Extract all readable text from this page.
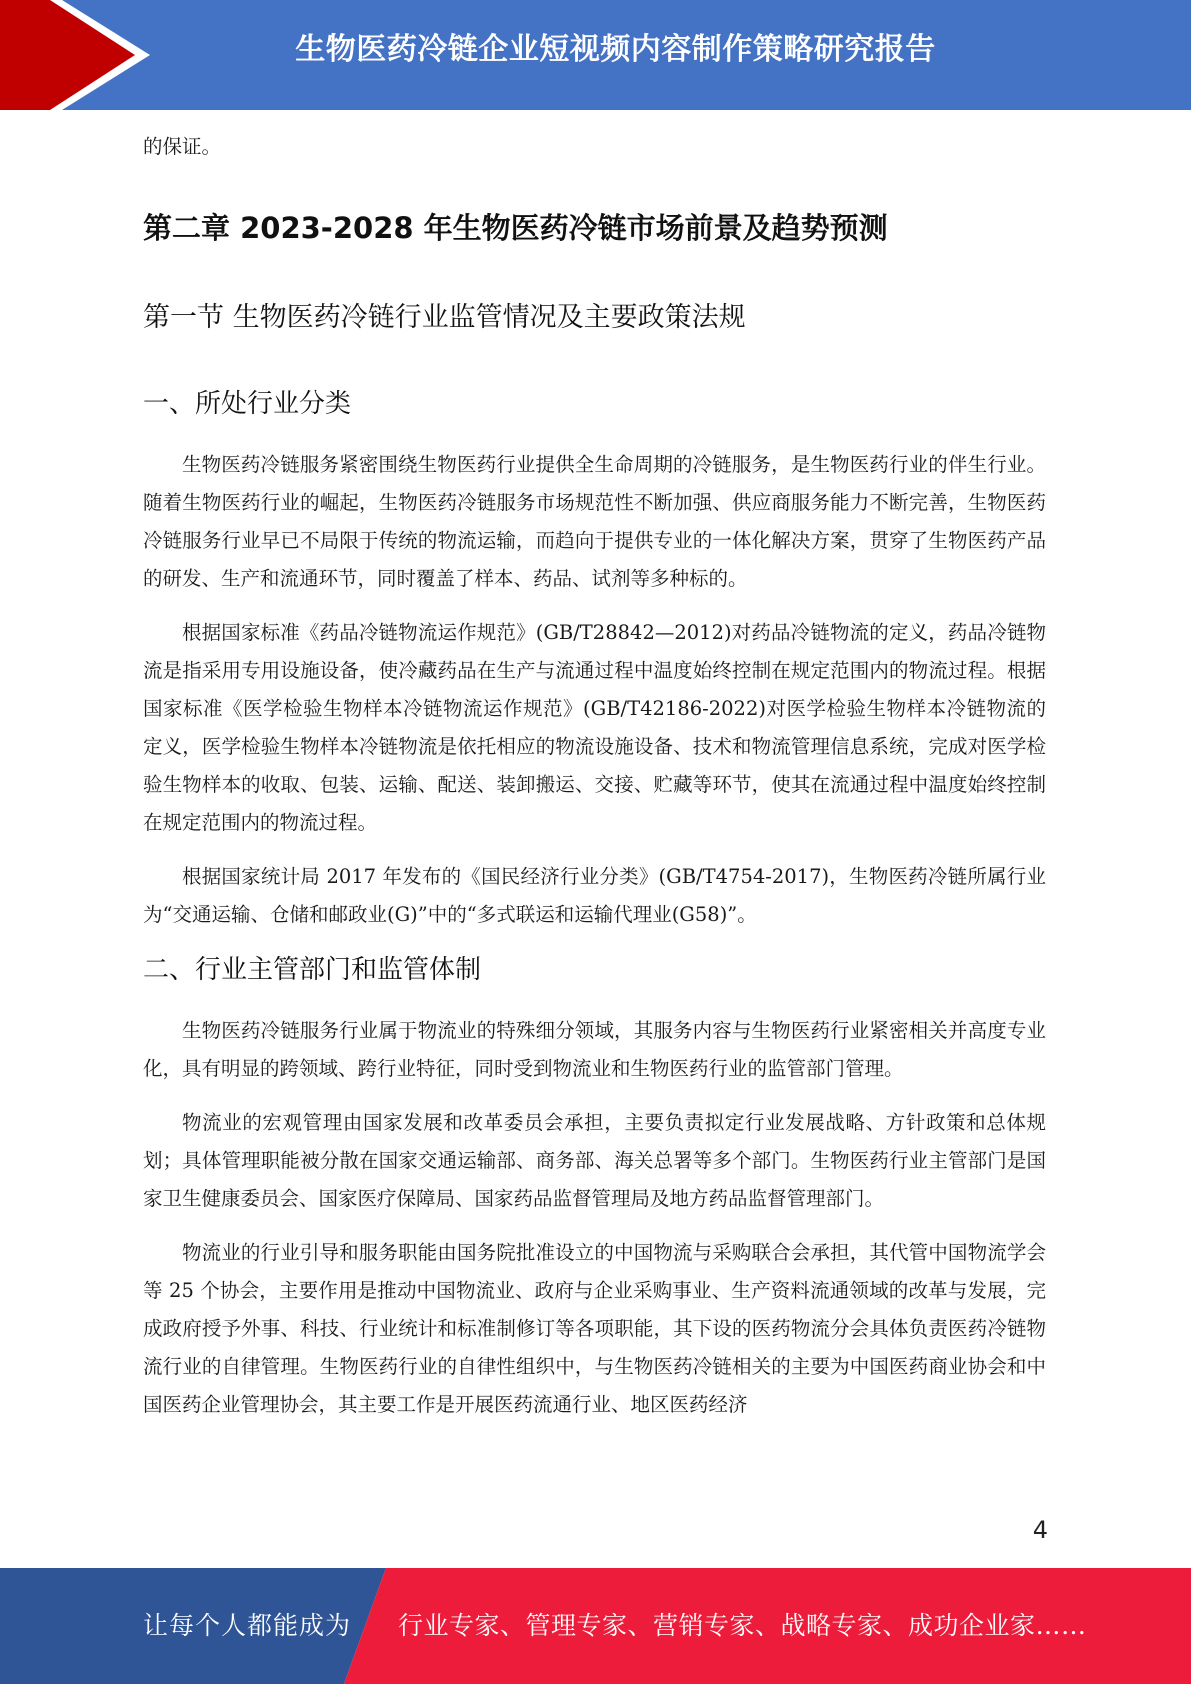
生物医药冷链企业短视频内容制作策略研究报告

的保证。

第二章 2023-2028 年生物医药冷链市场前景及趋势预测
第一节 生物医药冷链行业监管情况及主要政策法规
一、所处行业分类

生物医药冷链服务紧密围绕生物医药行业提供全生命周期的冷链服务，是生物医药行业的伴生行业。随着生物医药行业的崛起，生物医药冷链服务市场规范性不断加强、供应商服务能力不断完善，生物医药冷链服务行业早已不局限于传统的物流运输，而趋向于提供专业的一体化解决方案，贯穿了生物医药产品的研发、生产和流通环节，同时覆盖了样本、药品、试剂等多种标的。

根据国家标准《药品冷链物流运作规范》(GB/T28842—2012)对药品冷链物流的定义，药品冷链物流是指采用专用设施设备，使冷藏药品在生产与流通过程中温度始终控制在规定范围内的物流过程。根据国家标准《医学检验生物样本冷链物流运作规范》(GB/T42186-2022)对医学检验生物样本冷链物流的定义，医学检验生物样本冷链物流是依托相应的物流设施设备、技术和物流管理信息系统，完成对医学检验生物样本的收取、包装、运输、配送、装卸搬运、交接、贮藏等环节，使其在流通过程中温度始终控制在规定范围内的物流过程。

根据国家统计局 2017 年发布的《国民经济行业分类》(GB/T4754-2017)，生物医药冷链所属行业为“交通运输、仓储和邮政业(G)”中的“多式联运和运输代理业(G58)”。

二、行业主管部门和监管体制

生物医药冷链服务行业属于物流业的特殊细分领域，其服务内容与生物医药行业紧密相关并高度专业化，具有明显的跨领域、跨行业特征，同时受到物流业和生物医药行业的监管部门管理。

物流业的宏观管理由国家发展和改革委员会承担，主要负责拟定行业发展战略、方针政策和总体规划；具体管理职能被分散在国家交通运输部、商务部、海关总署等多个部门。生物医药行业主管部门是国家卫生健康委员会、国家医疗保障局、国家药品监督管理局及地方药品监督管理部门。

物流业的行业引导和服务职能由国务院批准设立的中国物流与采购联合会承担，其代管中国物流学会等 25 个协会，主要作用是推动中国物流业、政府与企业采购事业、生产资料流通领域的改革与发展，完成政府授予外事、科技、行业统计和标准制修订等各项职能，其下设的医药物流分会具体负责医药冷链物流行业的自律管理。生物医药行业的自律性组织中，与生物医药冷链相关的主要为中国医药商业协会和中国医药企业管理协会，其主要工作是开展医药流通行业、地区医药经济

4
让每个人都能成为 行业专家、管理专家、营销专家、战略专家、成功企业家……
